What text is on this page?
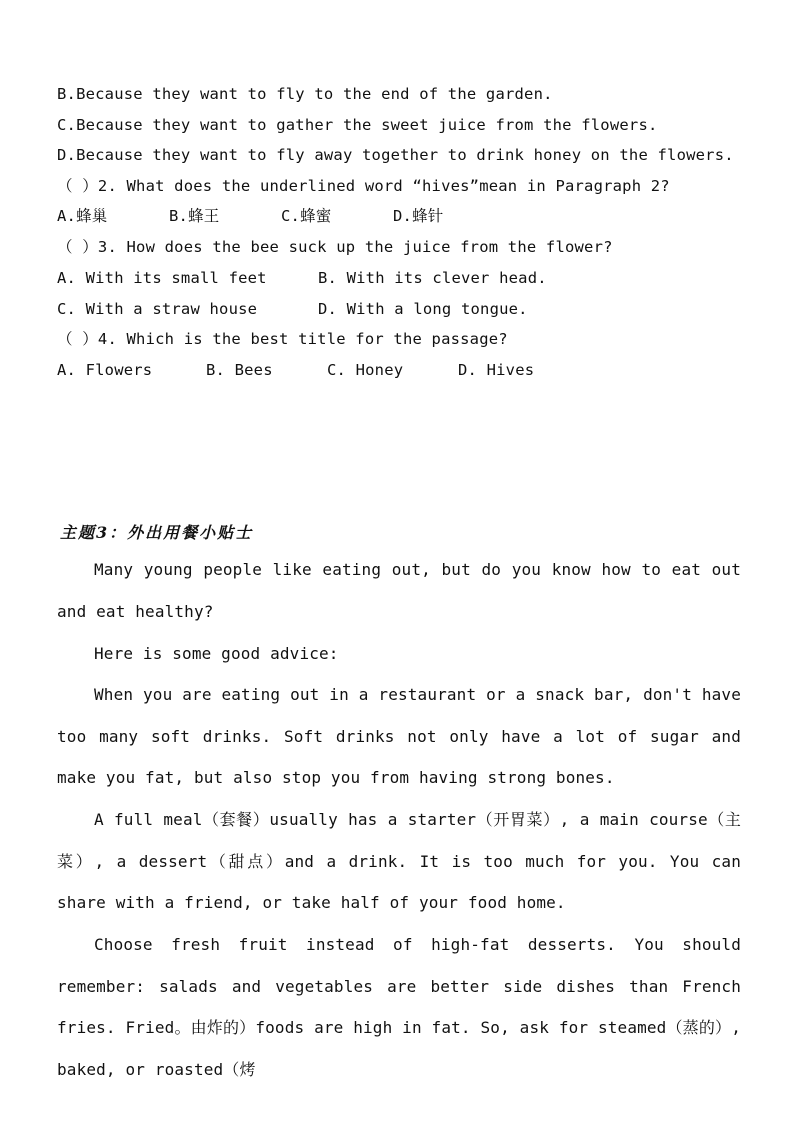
B.Because they want to fly to the end of the garden.
C.Because they want to gather the sweet juice from the flowers.
D.Because they want to fly away together to drink honey on the flowers.
（ ）2. What does the underlined word “hives”mean in Paragraph 2?
A.蜂巢	B.蜂王	C.蜂蜜	D.蜂针
（ ）3. How does the bee suck up the juice from the flower?
A. With its small feet	B. With its clever head.
C. With a straw house	D. With a long tongue.
（ ）4. Which is the best title for the passage?
A. Flowers	B. Bees	C. Honey	D. Hives
主题3：外出用餐小贴士
Many young people like eating out, but do you know how to eat out and eat healthy?
Here is some good advice:
When you are eating out in a restaurant or a snack bar, don't have too many soft drinks. Soft drinks not only have a lot of sugar and make you fat, but also stop you from having strong bones.
A full meal（套餐）usually has a starter（开胃菜）, a main course（主菜）, a dessert（甜点）and a drink. It is too much for you. You can share with a friend, or take half of your food home.
Choose fresh fruit instead of high-fat desserts. You should remember: salads and vegetables are better side dishes than French fries. Fried。由炸的）foods are high in fat. So, ask for steamed（蒸的）, baked, or roasted（烤
